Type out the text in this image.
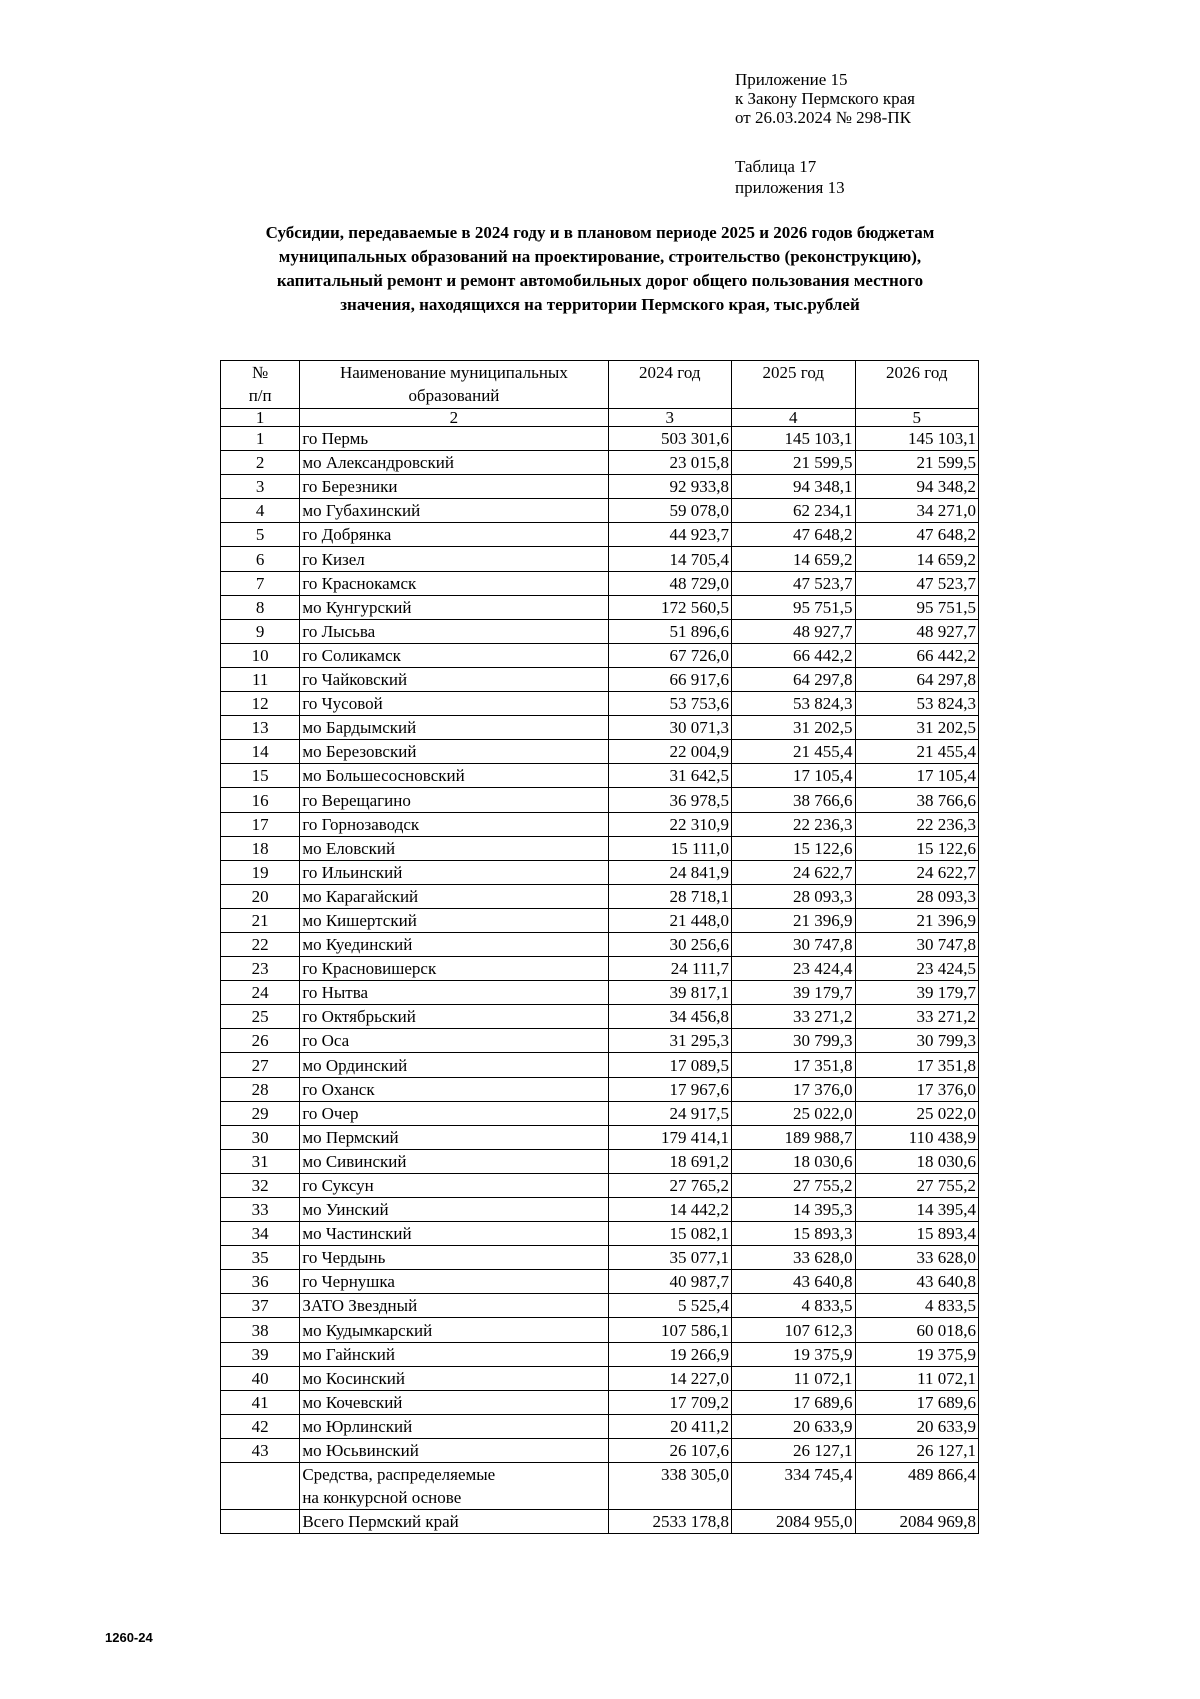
Приложение 15
к Закону Пермского края
от 26.03.2024 № 298-ПК
Таблица 17
приложения 13
Субсидии, передаваемые в 2024 году и в плановом периоде 2025 и 2026 годов бюджетам
муниципальных образований на проектирование, строительство (реконструкцию),
капитальный ремонт и ремонт автомобильных дорог общего пользования местного
значения, находящихся на территории Пермского края, тыс.рублей
№
п/п	Наименование муниципальных образований	2024 год	2025 год	2026 год
1	2	3	4	5
1	го Пермь	503 301,6	145 103,1	145 103,1
2	мо Александровский	23 015,8	21 599,5	21 599,5
3	го Березники	92 933,8	94 348,1	94 348,2
4	мо Губахинский	59 078,0	62 234,1	34 271,0
5	го Добрянка	44 923,7	47 648,2	47 648,2
6	го Кизел	14 705,4	14 659,2	14 659,2
7	го Краснокамск	48 729,0	47 523,7	47 523,7
8	мо Кунгурский	172 560,5	95 751,5	95 751,5
9	го Лысьва	51 896,6	48 927,7	48 927,7
10	го Соликамск	67 726,0	66 442,2	66 442,2
11	го Чайковский	66 917,6	64 297,8	64 297,8
12	го Чусовой	53 753,6	53 824,3	53 824,3
13	мо Бардымский	30 071,3	31 202,5	31 202,5
14	мо Березовский	22 004,9	21 455,4	21 455,4
15	мо Большесосновский	31 642,5	17 105,4	17 105,4
16	го Верещагино	36 978,5	38 766,6	38 766,6
17	го Горнозаводск	22 310,9	22 236,3	22 236,3
18	мо Еловский	15 111,0	15 122,6	15 122,6
19	го Ильинский	24 841,9	24 622,7	24 622,7
20	мо Карагайский	28 718,1	28 093,3	28 093,3
21	мо Кишертский	21 448,0	21 396,9	21 396,9
22	мо Куединский	30 256,6	30 747,8	30 747,8
23	го Красновишерск	24 111,7	23 424,4	23 424,5
24	го Нытва	39 817,1	39 179,7	39 179,7
25	го Октябрьский	34 456,8	33 271,2	33 271,2
26	го Оса	31 295,3	30 799,3	30 799,3
27	мо Ординский	17 089,5	17 351,8	17 351,8
28	го Оханск	17 967,6	17 376,0	17 376,0
29	го Очер	24 917,5	25 022,0	25 022,0
30	мо Пермский	179 414,1	189 988,7	110 438,9
31	мо Сивинский	18 691,2	18 030,6	18 030,6
32	го Суксун	27 765,2	27 755,2	27 755,2
33	мо Уинский	14 442,2	14 395,3	14 395,4
34	мо Частинский	15 082,1	15 893,3	15 893,4
35	го Чердынь	35 077,1	33 628,0	33 628,0
36	го Чернушка	40 987,7	43 640,8	43 640,8
37	ЗАТО Звездный	5 525,4	4 833,5	4 833,5
38	мо Кудымкарский	107 586,1	107 612,3	60 018,6
39	мо Гайнский	19 266,9	19 375,9	19 375,9
40	мо Косинский	14 227,0	11 072,1	11 072,1
41	мо Кочевский	17 709,2	17 689,6	17 689,6
42	мо Юрлинский	20 411,2	20 633,9	20 633,9
43	мо Юсьвинский	26 107,6	26 127,1	26 127,1

	Средства, распределяемые
на конкурсной основе	338 305,0	334 745,4	489 866,4
	Всего Пермский край	2533 178,8	2084 955,0	2084 969,8
1260-24
